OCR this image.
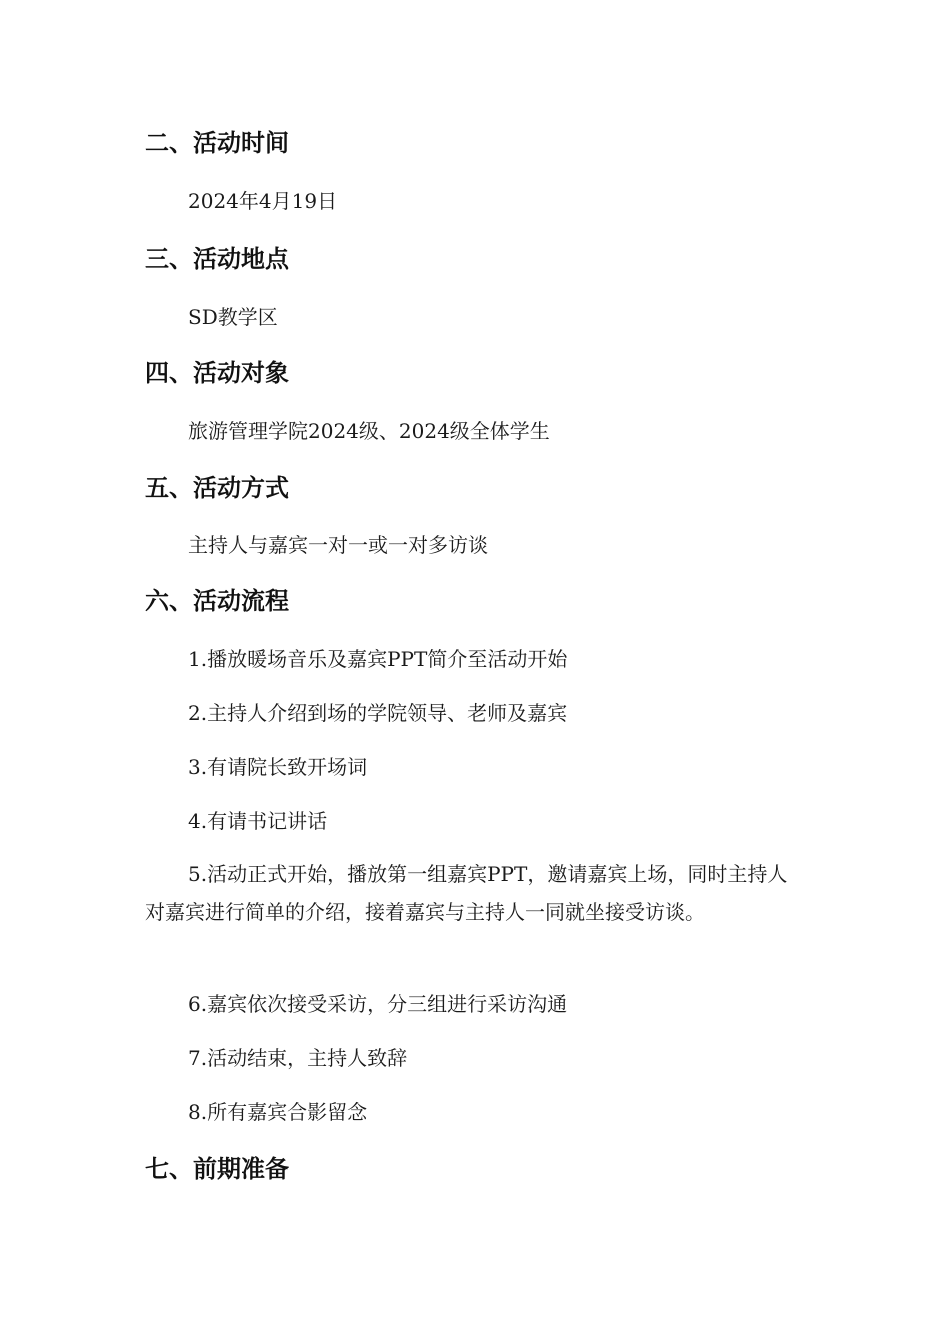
二、活动时间
2024年4月19日
三、活动地点
SD教学区
四、活动对象
旅游管理学院2024级、2024级全体学生
五、活动方式
主持人与嘉宾一对一或一对多访谈
六、活动流程
1.播放暖场音乐及嘉宾PPT简介至活动开始
2.主持人介绍到场的学院领导、老师及嘉宾
3.有请院长致开场词
4.有请书记讲话
5.活动正式开始，播放第一组嘉宾PPT，邀请嘉宾上场，同时主持人对嘉宾进行简单的介绍，接着嘉宾与主持人一同就坐接受访谈。
6.嘉宾依次接受采访，分三组进行采访沟通
7.活动结束，主持人致辞
8.所有嘉宾合影留念
七、前期准备
